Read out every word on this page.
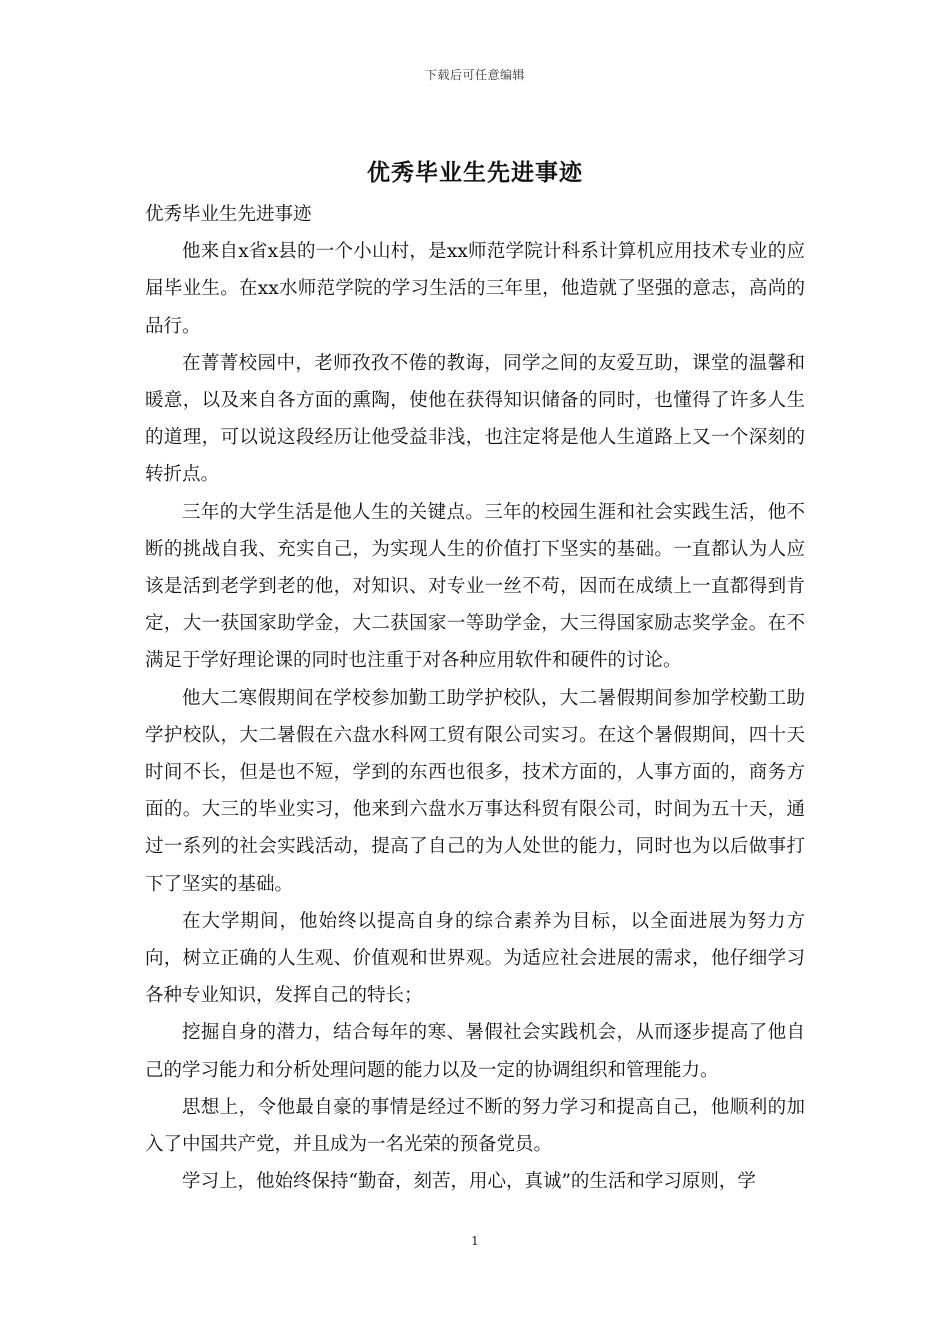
下载后可任意编辑
优秀毕业生先进事迹

优秀毕业生先进事迹

他来自x省x县的一个小山村，是xx师范学院计科系计算机应用技术专业的应届毕业生。在xx水师范学院的学习生活的三年里，他造就了坚强的意志，高尚的品行。

在菁菁校园中，老师孜孜不倦的教诲，同学之间的友爱互助，课堂的温馨和暖意，以及来自各方面的熏陶，使他在获得知识储备的同时，也懂得了许多人生的道理，可以说这段经历让他受益非浅，也注定将是他人生道路上又一个深刻的转折点。

三年的大学生活是他人生的关键点。三年的校园生涯和社会实践生活，他不断的挑战自我、充实自己，为实现人生的价值打下坚实的基础。一直都认为人应该是活到老学到老的他，对知识、对专业一丝不苟，因而在成绩上一直都得到肯定，大一获国家助学金，大二获国家一等助学金，大三得国家励志奖学金。在不满足于学好理论课的同时也注重于对各种应用软件和硬件的讨论。

他大二寒假期间在学校参加勤工助学护校队，大二暑假期间参加学校勤工助学护校队，大二暑假在六盘水科网工贸有限公司实习。在这个暑假期间，四十天时间不长，但是也不短，学到的东西也很多，技术方面的，人事方面的，商务方面的。大三的毕业实习，他来到六盘水万事达科贸有限公司，时间为五十天，通过一系列的社会实践活动，提高了自己的为人处世的能力，同时也为以后做事打下了坚实的基础。

在大学期间，他始终以提高自身的综合素养为目标，以全面进展为努力方向，树立正确的人生观、价值观和世界观。为适应社会进展的需求，他仔细学习各种专业知识，发挥自己的特长；

挖掘自身的潜力，结合每年的寒、暑假社会实践机会，从而逐步提高了他自己的学习能力和分析处理问题的能力以及一定的协调组织和管理能力。

思想上，令他最自豪的事情是经过不断的努力学习和提高自己，他顺利的加入了中国共产党，并且成为一名光荣的预备党员。

学习上，他始终保持“勤奋，刻苦，用心，真诚”的生活和学习原则，学

1
